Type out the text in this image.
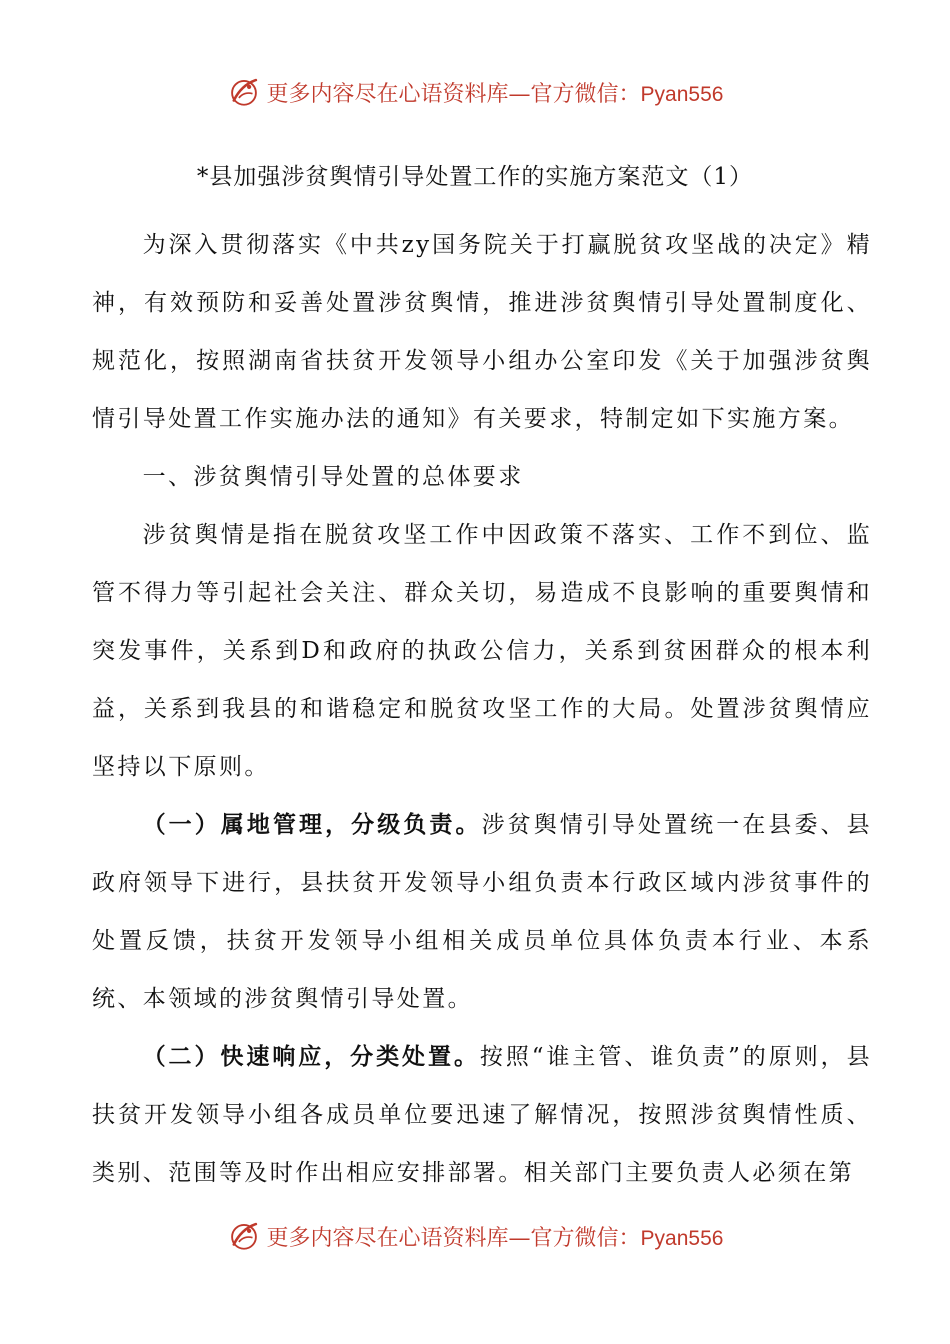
更多内容尽在心语资料库—官方微信：Pyan556
*县加强涉贫舆情引导处置工作的实施方案范文（1）

为深入贯彻落实《中共zy国务院关于打赢脱贫攻坚战的决定》精神，有效预防和妥善处置涉贫舆情，推进涉贫舆情引导处置制度化、规范化，按照湖南省扶贫开发领导小组办公室印发《关于加强涉贫舆情引导处置工作实施办法的通知》有关要求，特制定如下实施方案。

一、涉贫舆情引导处置的总体要求

涉贫舆情是指在脱贫攻坚工作中因政策不落实、工作不到位、监管不得力等引起社会关注、群众关切，易造成不良影响的重要舆情和突发事件，关系到D和政府的执政公信力，关系到贫困群众的根本利益，关系到我县的和谐稳定和脱贫攻坚工作的大局。处置涉贫舆情应坚持以下原则。

（一）属地管理，分级负责。涉贫舆情引导处置统一在县委、县政府领导下进行，县扶贫开发领导小组负责本行政区域内涉贫事件的处置反馈，扶贫开发领导小组相关成员单位具体负责本行业、本系统、本领域的涉贫舆情引导处置。

（二）快速响应，分类处置。按照“谁主管、谁负责”的原则，县扶贫开发领导小组各成员单位要迅速了解情况，按照涉贫舆情性质、类别、范围等及时作出相应安排部署。相关部门主要负责人必须在第

更多内容尽在心语资料库—官方微信：Pyan556
